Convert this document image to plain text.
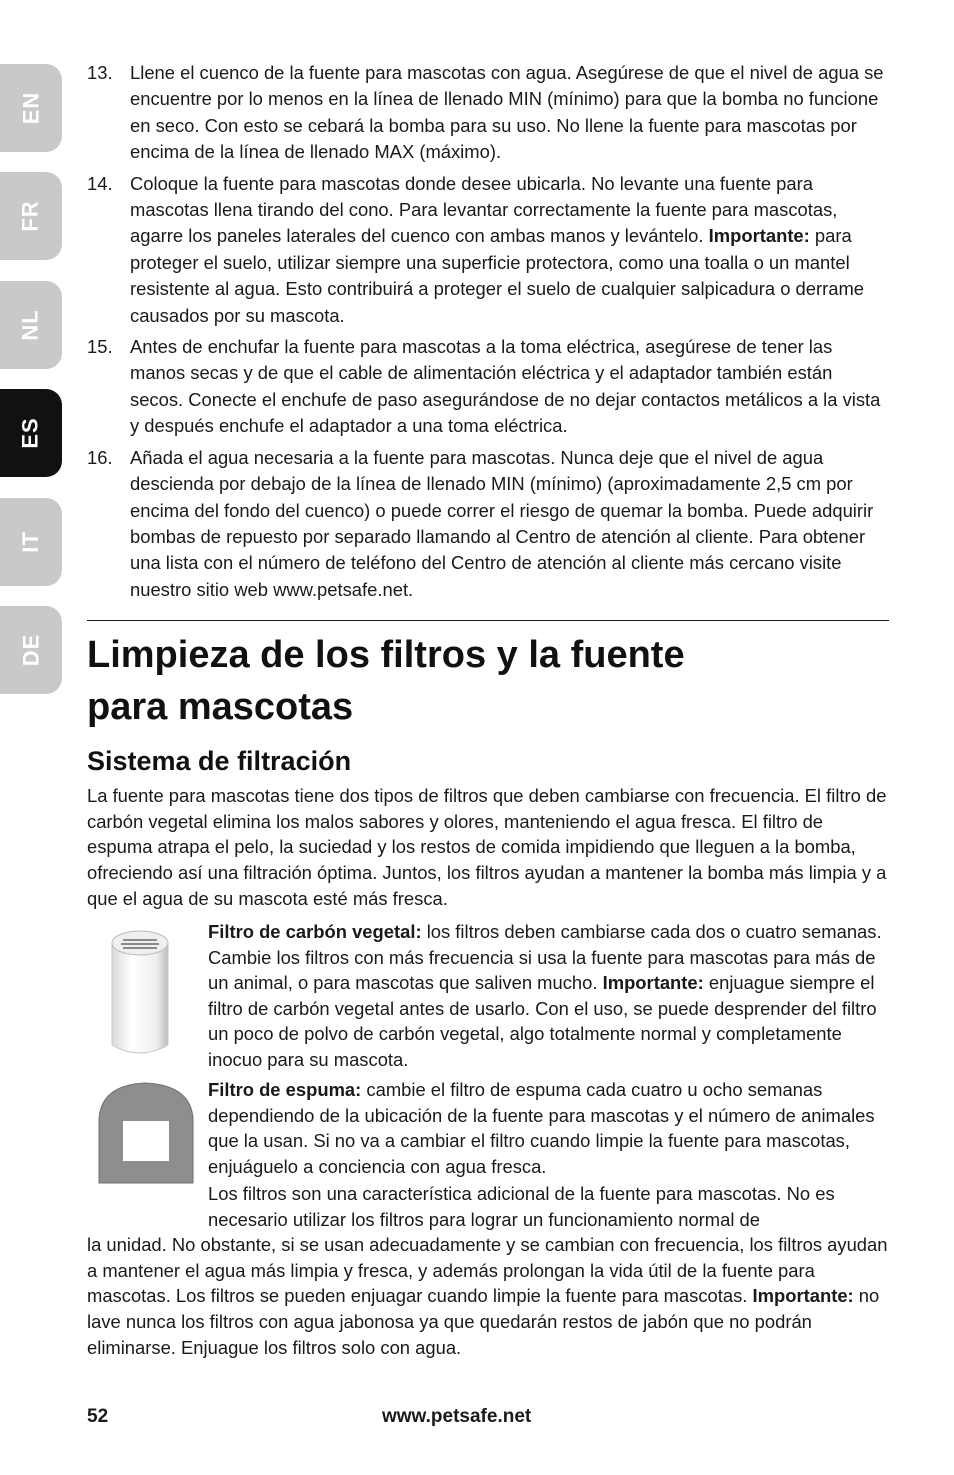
EN
FR
NL
ES
IT
DE
13. Llene el cuenco de la fuente para mascotas con agua. Asegúrese de que el nivel de agua se encuentre por lo menos en la línea de llenado MIN (mínimo) para que la bomba no funcione en seco. Con esto se cebará la bomba para su uso. No llene la fuente para mascotas por encima de la línea de llenado MAX (máximo).
14. Coloque la fuente para mascotas donde desee ubicarla. No levante una fuente para mascotas llena tirando del cono. Para levantar correctamente la fuente para mascotas, agarre los paneles laterales del cuenco con ambas manos y levántelo. Importante: para proteger el suelo, utilizar siempre una superficie protectora, como una toalla o un mantel resistente al agua. Esto contribuirá a proteger el suelo de cualquier salpicadura o derrame causados por su mascota.
15. Antes de enchufar la fuente para mascotas a la toma eléctrica, asegúrese de tener las manos secas y de que el cable de alimentación eléctrica y el adaptador también están secos. Conecte el enchufe de paso asegurándose de no dejar contactos metálicos a la vista y después enchufe el adaptador a una toma eléctrica.
16. Añada el agua necesaria a la fuente para mascotas. Nunca deje que el nivel de agua descienda por debajo de la línea de llenado MIN (mínimo) (aproximadamente 2,5 cm por encima del fondo del cuenco) o puede correr el riesgo de quemar la bomba. Puede adquirir bombas de repuesto por separado llamando al Centro de atención al cliente. Para obtener una lista con el número de teléfono del Centro de atención al cliente más cercano visite nuestro sitio web www.petsafe.net.
Limpieza de los filtros y la fuente
para mascotas
Sistema de filtración

La fuente para mascotas tiene dos tipos de filtros que deben cambiarse con frecuencia. El filtro de carbón vegetal elimina los malos sabores y olores, manteniendo el agua fresca. El filtro de espuma atrapa el pelo, la suciedad y los restos de comida impidiendo que lleguen a la bomba, ofreciendo así una filtración óptima. Juntos, los filtros ayudan a mantener la bomba más limpia y a que el agua de su mascota esté más fresca.

Filtro de carbón vegetal: los filtros deben cambiarse cada dos o cuatro semanas. Cambie los filtros con más frecuencia si usa la fuente para mascotas para más de un animal, o para mascotas que saliven mucho. Importante: enjuague siempre el filtro de carbón vegetal antes de usarlo. Con el uso, se puede desprender del filtro un poco de polvo de carbón vegetal, algo totalmente normal y completamente inocuo para su mascota.

Filtro de espuma: cambie el filtro de espuma cada cuatro u ocho semanas dependiendo de la ubicación de la fuente para mascotas y el número de animales que la usan. Si no va a cambiar el filtro cuando limpie la fuente para mascotas, enjuáguelo a conciencia con agua fresca.

Los filtros son una característica adicional de la fuente para mascotas. No es necesario utilizar los filtros para lograr un funcionamiento normal de

la unidad. No obstante, si se usan adecuadamente y se cambian con frecuencia, los filtros ayudan a mantener el agua más limpia y fresca, y además prolongan la vida útil de la fuente para mascotas. Los filtros se pueden enjuagar cuando limpie la fuente para mascotas. Importante: no lave nunca los filtros con agua jabonosa ya que quedarán restos de jabón que no podrán eliminarse. Enjuague los filtros solo con agua.

52	www.petsafe.net
